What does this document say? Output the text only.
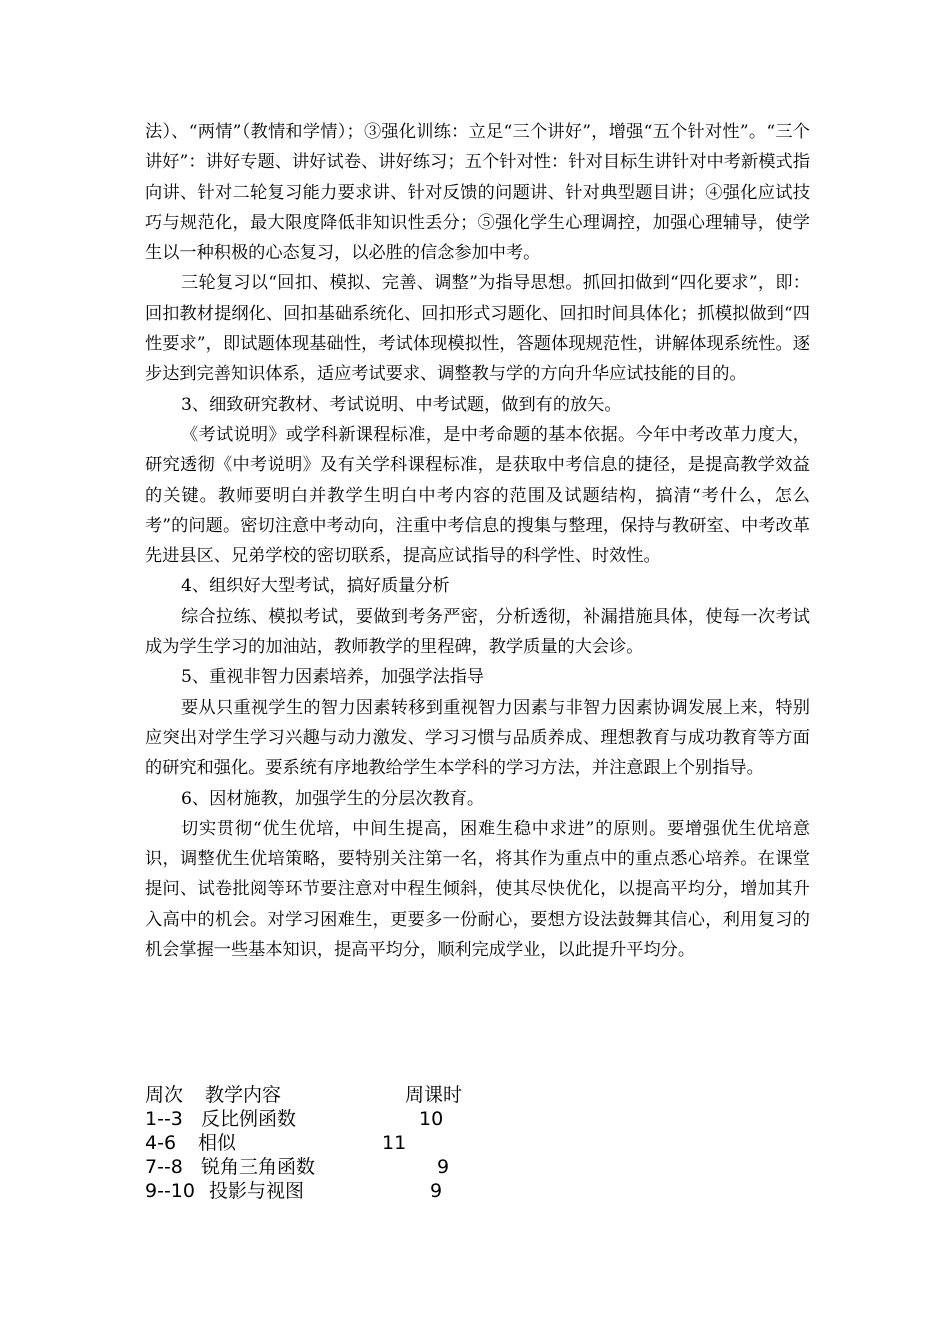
法）、“两情”（教情和学情）；③强化训练：立足“三个讲好”，增强“五个针对性”。“三个讲好”：讲好专题、讲好试卷、讲好练习；五个针对性：针对目标生讲针对中考新模式指向讲、针对二轮复习能力要求讲、针对反馈的问题讲、针对典型题目讲；④强化应试技巧与规范化，最大限度降低非知识性丢分；⑤强化学生心理调控，加强心理辅导，使学生以一种积极的心态复习，以必胜的信念参加中考。

三轮复习以“回扣、模拟、完善、调整”为指导思想。抓回扣做到“四化要求”，即：回扣教材提纲化、回扣基础系统化、回扣形式习题化、回扣时间具体化；抓模拟做到“四性要求”，即试题体现基础性，考试体现模拟性，答题体现规范性，讲解体现系统性。逐步达到完善知识体系，适应考试要求、调整教与学的方向升华应试技能的目的。

3、细致研究教材、考试说明、中考试题，做到有的放矢。

《考试说明》或学科新课程标准，是中考命题的基本依据。今年中考改革力度大，研究透彻《中考说明》及有关学科课程标准，是获取中考信息的捷径，是提高教学效益的关键。教师要明白并教学生明白中考内容的范围及试题结构，搞清“考什么，怎么考”的问题。密切注意中考动向，注重中考信息的搜集与整理，保持与教研室、中考改革先进县区、兄弟学校的密切联系，提高应试指导的科学性、时效性。

4、组织好大型考试，搞好质量分析

综合拉练、模拟考试，要做到考务严密，分析透彻，补漏措施具体，使每一次考试成为学生学习的加油站，教师教学的里程碑，教学质量的大会诊。

5、重视非智力因素培养，加强学法指导

要从只重视学生的智力因素转移到重视智力因素与非智力因素协调发展上来，特别应突出对学生学习兴趣与动力激发、学习习惯与品质养成、理想教育与成功教育等方面的研究和强化。要系统有序地教给学生本学科的学习方法，并注意跟上个别指导。

6、因材施教，加强学生的分层次教育。

切实贯彻“优生优培，中间生提高，困难生稳中求进”的原则。要增强优生优培意识，调整优生优培策略，要特别关注第一名，将其作为重点中的重点悉心培养。在课堂提问、试卷批阅等环节要注意对中程生倾斜，使其尽快优化，以提高平均分，增加其升入高中的机会。对学习困难生，更要多一份耐心，要想方设法鼓舞其信心，利用复习的机会掌握一些基本知识，提高平均分，顺利完成学业，以此提升平均分。

周次 教学内容	周课时
1--3 反比例函数	10
4-6 相似	11
7--8 锐角三角函数	9
9--10 投影与视图	9
